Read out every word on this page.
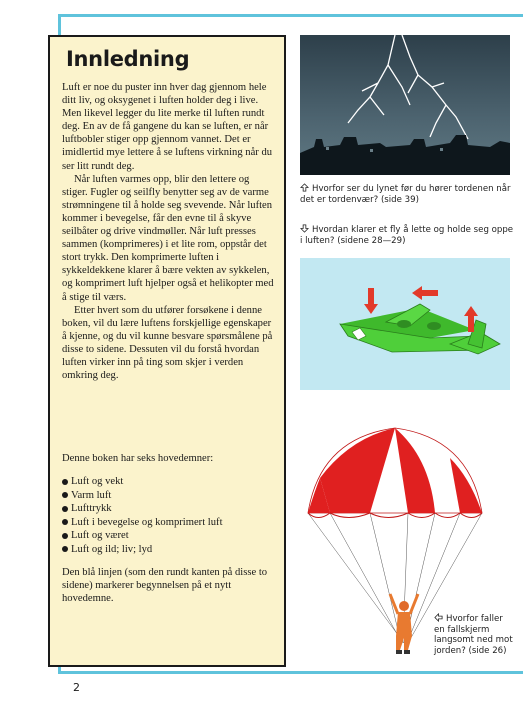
Innledning

Luft er noe du puster inn hver dag gjennom hele ditt liv, og oksygenet i luften holder deg i live. Men likevel legger du lite merke til luften rundt deg. En av de få gangene du kan se luften, er når luftbobler stiger opp gjennom vannet. Det er imidlertid mye lettere å se luftens virkning når du ser litt rundt deg.

Når luften varmes opp, blir den lettere og stiger. Fugler og seilfly benytter seg av de varme strømningene til å holde seg svevende. Når luften kommer i bevegelse, får den evne til å skyve seilbåter og drive vindmøller. Når luft presses sammen (komprimeres) i et lite rom, oppstår det stort trykk. Den komprimerte luften i sykkeldekkene klarer å bære vekten av sykkelen, og komprimert luft hjelper også et helikopter med å stige til værs.

Etter hvert som du utfører forsøkene i denne boken, vil du lære luftens forskjellige egenskaper å kjenne, og du vil kunne besvare spørsmålene på disse to sidene. Dessuten vil du forstå hvordan luften virker inn på ting som skjer i verden omkring deg.

Denne boken har seks hovedemner:

Luft og vekt
Varm luft
Lufttrykk
Luft i bevegelse og komprimert luft
Luft og været
Luft og ild; liv; lyd

Den blå linjen (som den rundt kanten på disse to sidene) markerer begynnelsen på et nytt hovedemne.

Hvorfor ser du lynet før du hører tordenen når det er tordenvær? (side 39)
Hvordan klarer et fly å lette og holde seg oppe i luften? (sidene 28—29)
Hvorfor faller
en fallskjerm
langsomt ned mot
jorden? (side 26)
2
